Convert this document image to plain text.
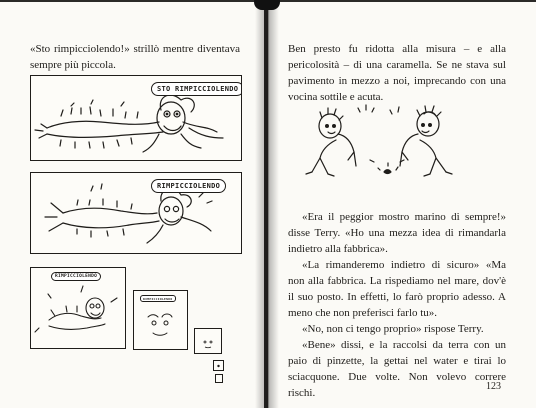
«Sto rimpicciolendo!» strillò mentre diventava sempre più piccola.

STO RIMPICCIOLENDO
RIMPICCIOLENDO
RIMPICCIOLENDO
RIMPICCIOLENDO

Ben presto fu ridotta alla misura – e alla pericolosità – di una caramella. Se ne stava sul pavimento in mezzo a noi, imprecando con una vocina sottile e acuta.

«Era il peggior mostro marino di sempre!» disse Terry. «Ho una mezza idea di rimandarla indietro alla fabbrica».

«La rimanderemo indietro di sicuro» «Ma non alla fabbrica. La rispediamo nel mare, dov'è il suo posto. In effetti, lo farò proprio adesso. A meno che non preferisci farlo tu».

«No, non ci tengo proprio» rispose Terry.

«Bene» dissi, e la raccolsi da terra con un paio di pinzette, la gettai nel water e tirai lo sciacquone. Due volte. Non volevo correre rischi.

123
